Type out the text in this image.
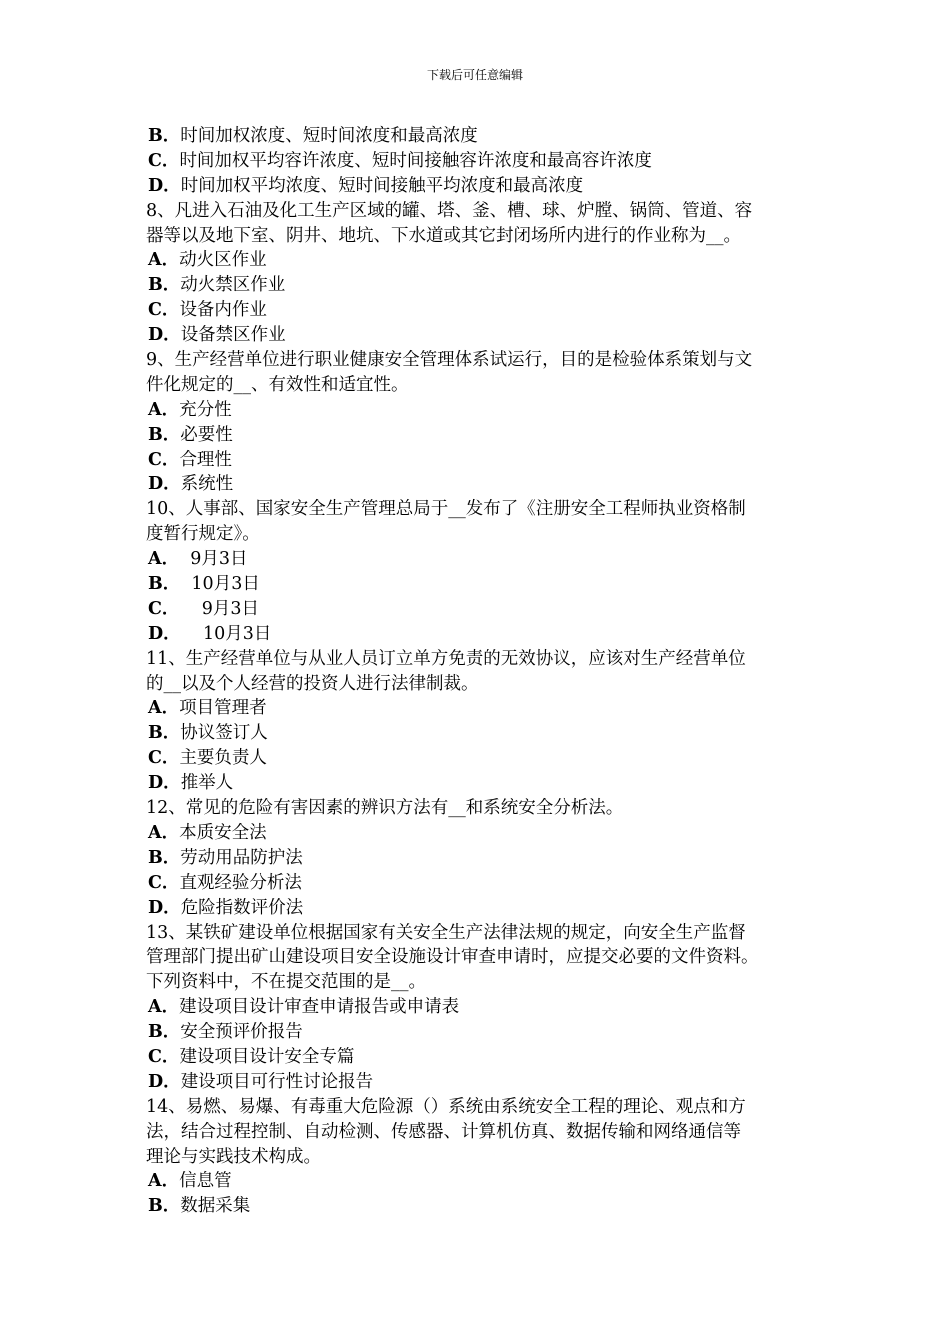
下载后可任意编辑
B．时间加权浓度、短时间浓度和最高浓度
C．时间加权平均容许浓度、短时间接触容许浓度和最高容许浓度
D．时间加权平均浓度、短时间接触平均浓度和最高浓度
8、凡进入石油及化工生产区域的罐、塔、釜、槽、球、炉膛、锅筒、管道、容
器等以及地下室、阴井、地坑、下水道或其它封闭场所内进行的作业称为__。
A．动火区作业
B．动火禁区作业
C．设备内作业
D．设备禁区作业
9、生产经营单位进行职业健康安全管理体系试运行，目的是检验体系策划与文
件化规定的__、有效性和适宜性。
A．充分性
B．必要性
C．合理性
D．系统性
10、人事部、国家安全生产管理总局于__发布了《注册安全工程师执业资格制
度暂行规定》。
A．  9月3日
B．  10月3日
C．    9月3日
D．    10月3日
11、生产经营单位与从业人员订立单方免责的无效协议，应该对生产经营单位
的__以及个人经营的投资人进行法律制裁。
A．项目管理者
B．协议签订人
C．主要负责人
D．推举人
12、常见的危险有害因素的辨识方法有__和系统安全分析法。
A．本质安全法
B．劳动用品防护法
C．直观经验分析法
D．危险指数评价法
13、某铁矿建设单位根据国家有关安全生产法律法规的规定，向安全生产监督
管理部门提出矿山建设项目安全设施设计审查申请时，应提交必要的文件资料。
下列资料中，不在提交范围的是__。
A．建设项目设计审查申请报告或申请表
B．安全预评价报告
C．建设项目设计安全专篇
D．建设项目可行性讨论报告
14、易燃、易爆、有毒重大危险源（）系统由系统安全工程的理论、观点和方
法，结合过程控制、自动检测、传感器、计算机仿真、数据传输和网络通信等
理论与实践技术构成。
A．信息管
B．数据采集
